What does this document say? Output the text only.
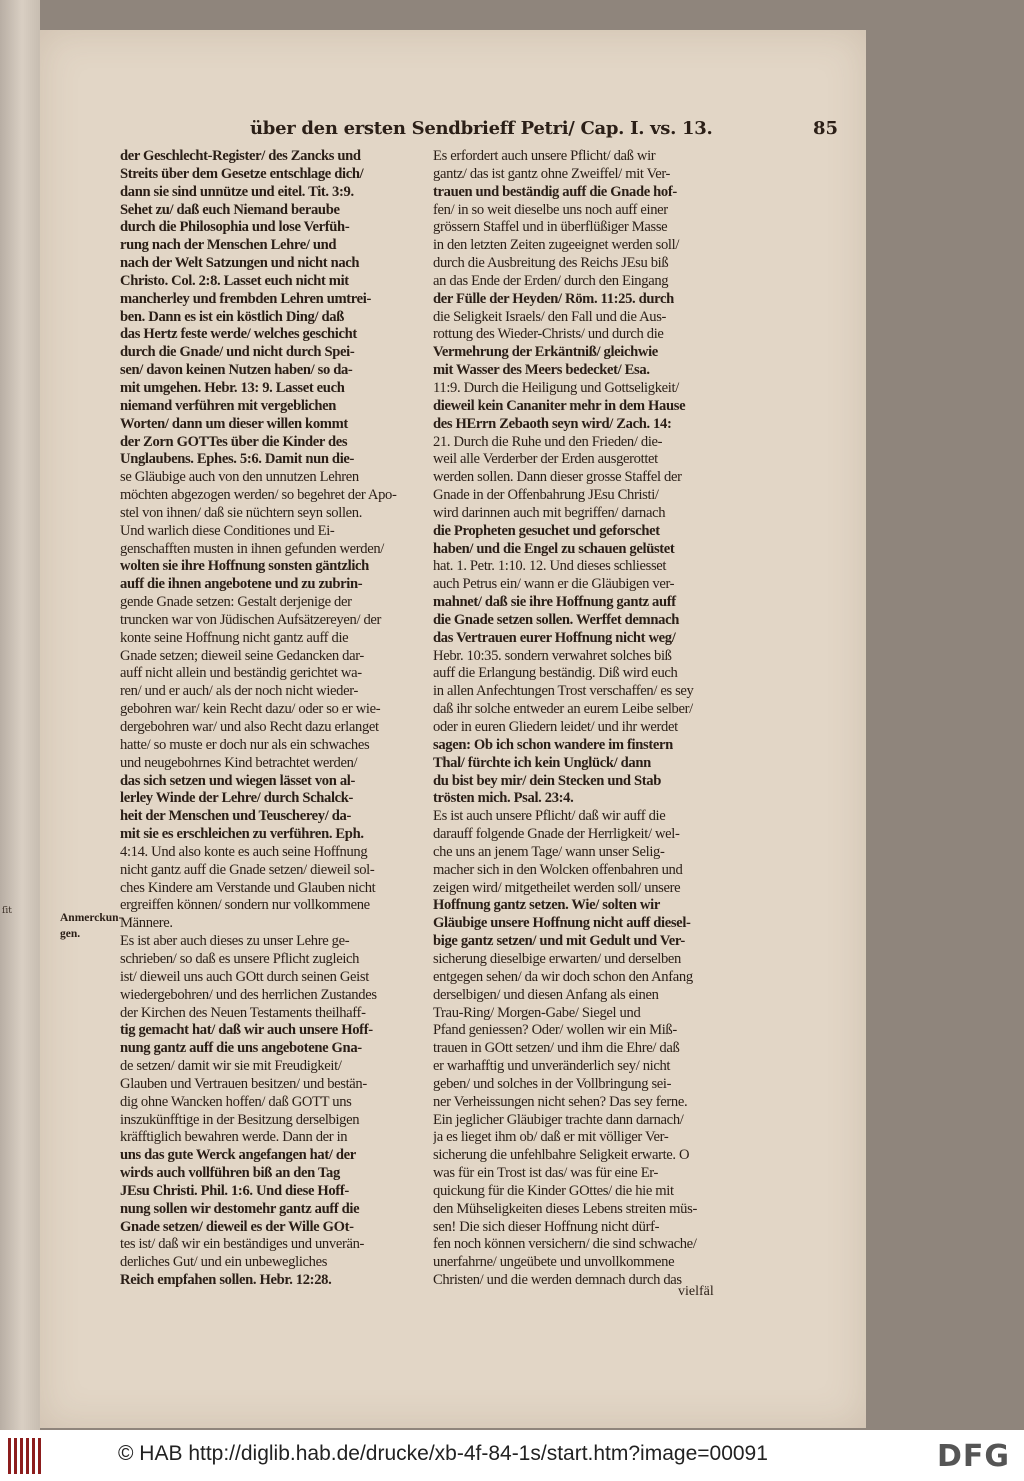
ſit
über den ersten Sendbrieff Petri/ Cap. I. vs. 13.	85
der Geschlecht-Register/ des Zancks und
Streits über dem Gesetze entschlage dich/
dann sie sind unnütze und eitel. Tit. 3:9.
Sehet zu/ daß euch Niemand beraube
durch die Philosophia und lose Verfüh-
rung nach der Menschen Lehre/ und
nach der Welt Satzungen und nicht nach
Christo. Col. 2:8. Lasset euch nicht mit
mancherley und frembden Lehren umtrei-
ben. Dann es ist ein köstlich Ding/ daß
das Hertz feste werde/ welches geschicht
durch die Gnade/ und nicht durch Spei-
sen/ davon keinen Nutzen haben/ so da-
mit umgehen. Hebr. 13: 9. Lasset euch
niemand verführen mit vergeblichen
Worten/ dann um dieser willen kommt
der Zorn GOTTes über die Kinder des
Unglaubens. Ephes. 5:6. Damit nun die-
se Gläubige auch von den unnutzen Lehren
möchten abgezogen werden/ so begehret der Apo-
stel von ihnen/ daß sie nüchtern seyn sollen.
Und warlich diese Conditiones und Ei-
genschafften musten in ihnen gefunden werden/
wolten sie ihre Hoffnung sonsten gäntzlich
auff die ihnen angebotene und zu zubrin-
gende Gnade setzen: Gestalt derjenige der
truncken war von Jüdischen Aufsätzereyen/ der
konte seine Hoffnung nicht gantz auff die
Gnade setzen; dieweil seine Gedancken dar-
auff nicht allein und beständig gerichtet wa-
ren/ und er auch/ als der noch nicht wieder-
gebohren war/ kein Recht dazu/ oder so er wie-
dergebohren war/ und also Recht dazu erlanget
hatte/ so muste er doch nur als ein schwaches
und neugebohrnes Kind betrachtet werden/
das sich setzen und wiegen lässet von al-
lerley Winde der Lehre/ durch Schalck-
heit der Menschen und Teuscherey/ da-
mit sie es erschleichen zu verführen. Eph.
4:14. Und also konte es auch seine Hoffnung
nicht gantz auff die Gnade setzen/ dieweil sol-
ches Kindere am Verstande und Glauben nicht
ergreiffen können/ sondern nur vollkommene
Männere.
Es ist aber auch dieses zu unser Lehre ge-
schrieben/ so daß es unsere Pflicht zugleich
ist/ dieweil uns auch GOtt durch seinen Geist
wiedergebohren/ und des herrlichen Zustandes
der Kirchen des Neuen Testaments theilhaff-
tig gemacht hat/ daß wir auch unsere Hoff-
nung gantz auff die uns angebotene Gna-
de setzen/ damit wir sie mit Freudigkeit/
Glauben und Vertrauen besitzen/ und bestän-
dig ohne Wancken hoffen/ daß GOTT uns
inszukünfftige in der Besitzung derselbigen
kräfftiglich bewahren werde. Dann der in
uns das gute Werck angefangen hat/ der
wirds auch vollführen biß an den Tag
JEsu Christi. Phil. 1:6. Und diese Hoff-
nung sollen wir destomehr gantz auff die
Gnade setzen/ dieweil es der Wille GOt-
tes ist/ daß wir ein beständiges und unverän-
derliches Gut/ und ein unbewegliches
Reich empfahen sollen. Hebr. 12:28.
Es erfordert auch unsere Pflicht/ daß wir
gantz/ das ist gantz ohne Zweiffel/ mit Ver-
trauen und beständig auff die Gnade hof-
fen/ in so weit dieselbe uns noch auff einer
grössern Staffel und in überflüßiger Masse
in den letzten Zeiten zugeeignet werden soll/
durch die Ausbreitung des Reichs JEsu biß
an das Ende der Erden/ durch den Eingang
der Fülle der Heyden/ Röm. 11:25. durch
die Seligkeit Israels/ den Fall und die Aus-
rottung des Wieder-Christs/ und durch die
Vermehrung der Erkäntniß/ gleichwie
mit Wasser des Meers bedecket/ Esa.
11:9. Durch die Heiligung und Gottseligkeit/
dieweil kein Cananiter mehr in dem Hause
des HErrn Zebaoth seyn wird/ Zach. 14:
21. Durch die Ruhe und den Frieden/ die-
weil alle Verderber der Erden ausgerottet
werden sollen. Dann dieser grosse Staffel der
Gnade in der Offenbahrung JEsu Christi/
wird darinnen auch mit begriffen/ darnach
die Propheten gesuchet und geforschet
haben/ und die Engel zu schauen gelüstet
hat. 1. Petr. 1:10. 12. Und dieses schliesset
auch Petrus ein/ wann er die Gläubigen ver-
mahnet/ daß sie ihre Hoffnung gantz auff
die Gnade setzen sollen. Werffet demnach
das Vertrauen eurer Hoffnung nicht weg/
Hebr. 10:35. sondern verwahret solches biß
auff die Erlangung beständig. Diß wird euch
in allen Anfechtungen Trost verschaffen/ es sey
daß ihr solche entweder an eurem Leibe selber/
oder in euren Gliedern leidet/ und ihr werdet
sagen: Ob ich schon wandere im finstern
Thal/ fürchte ich kein Unglück/ dann
du bist bey mir/ dein Stecken und Stab
trösten mich. Psal. 23:4.
Es ist auch unsere Pflicht/ daß wir auff die
darauff folgende Gnade der Herrligkeit/ wel-
che uns an jenem Tage/ wann unser Selig-
macher sich in den Wolcken offenbahren und
zeigen wird/ mitgetheilet werden soll/ unsere
Hoffnung gantz setzen. Wie/ solten wir
Gläubige unsere Hoffnung nicht auff diesel-
bige gantz setzen/ und mit Gedult und Ver-
sicherung dieselbige erwarten/ und derselben
entgegen sehen/ da wir doch schon den Anfang
derselbigen/ und diesen Anfang als einen
Trau-Ring/ Morgen-Gabe/ Siegel und
Pfand geniessen? Oder/ wollen wir ein Miß-
trauen in GOtt setzen/ und ihm die Ehre/ daß
er warhafftig und unveränderlich sey/ nicht
geben/ und solches in der Vollbringung sei-
ner Verheissungen nicht sehen? Das sey ferne.
Ein jeglicher Gläubiger trachte dann darnach/
ja es lieget ihm ob/ daß er mit völliger Ver-
sicherung die unfehlbahre Seligkeit erwarte. O
was für ein Trost ist das/ was für eine Er-
quickung für die Kinder GOttes/ die hie mit
den Mühseligkeiten dieses Lebens streiten müs-
sen! Die sich dieser Hoffnung nicht dürf-
fen noch können versichern/ die sind schwache/
unerfahrne/ ungeübete und unvollkommene
Christen/ und die werden demnach durch das
Anmerckun-
gen.
vielfäl
© HAB http://diglib.hab.de/drucke/xb-4f-84-1s/start.htm?image=00091	DFG
